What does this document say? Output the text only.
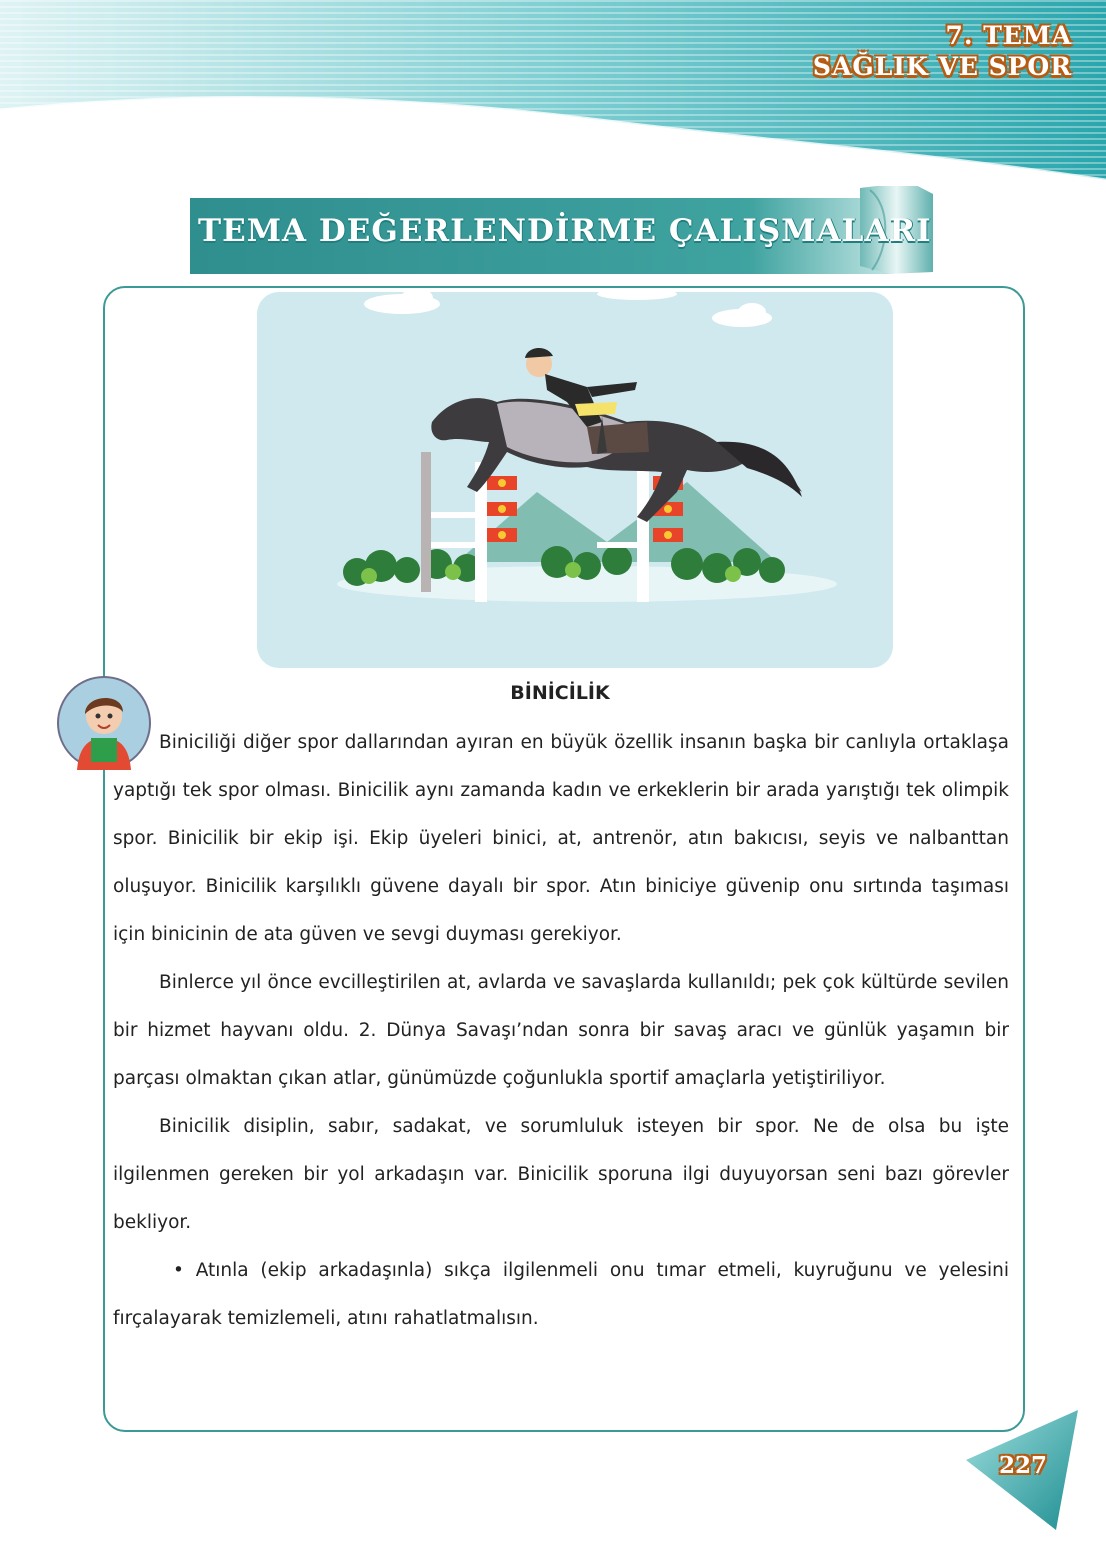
7. TEMA
SAĞLIK VE SPOR
TEMA DEĞERLENDİRME ÇALIŞMALARI
BİNİCİLİK

Biniciliği diğer spor dallarından ayıran en büyük özellik insanın başka bir canlıyla ortaklaşa yaptığı tek spor olması. Binicilik aynı zamanda kadın ve erkeklerin bir arada yarıştığı tek olimpik spor. Binicilik bir ekip işi. Ekip üyeleri binici, at, antrenör, atın bakıcısı, seyis ve nalbanttan oluşuyor. Binicilik karşılıklı güvene dayalı bir spor. Atın biniciye güvenip onu sırtında taşıması için binicinin de ata güven ve sevgi duyması gerekiyor.

Binlerce yıl önce evcilleştirilen at, avlarda ve savaşlarda kullanıldı; pek çok kültürde sevilen bir hizmet hayvanı oldu. 2. Dünya Savaşı’ndan sonra bir savaş aracı ve günlük yaşamın bir parçası olmaktan çıkan atlar, günümüzde çoğunlukla sportif amaçlarla yetiştiriliyor.

Binicilik disiplin, sabır, sadakat, ve sorumluluk isteyen bir spor. Ne de olsa bu işte ilgilenmen gereken bir yol arkadaşın var. Binicilik sporuna ilgi duyuyorsan seni bazı görevler bekliyor.

• Atınla (ekip arkadaşınla) sıkça ilgilenmeli onu tımar etmeli, kuyruğunu ve yelesini fırçalayarak temizlemeli, atını rahatlatmalısın.

227
